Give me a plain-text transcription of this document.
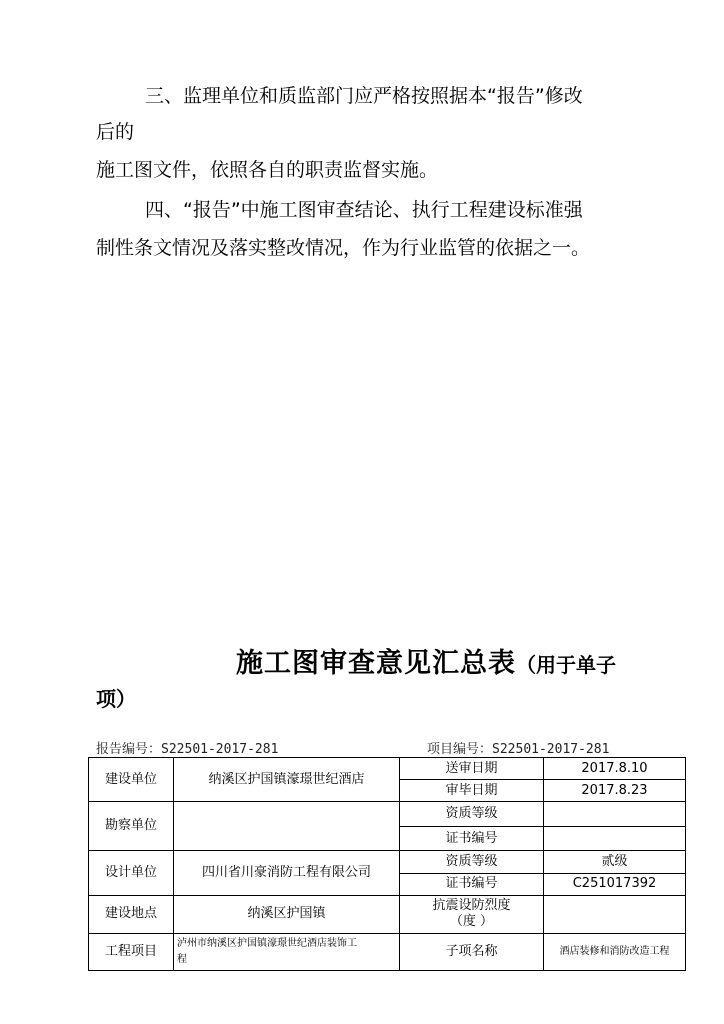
三、监理单位和质监部门应严格按照据本“报告”修改
后的
施工图文件，依照各自的职责监督实施。
四、“报告”中施工图审查结论、执行工程建设标准强
制性条文情况及落实整改情况，作为行业监管的依据之一。
施工图审查意见汇总表（用于单子
项）
报告编号：S22501-2017-281	项目编号：S22501-2017-281
建设单位	纳溪区护国镇濠璟世纪酒店	送审日期	2017.8.10
		审毕日期	2017.8.23
勘察单位		资质等级	
		证书编号	
设计单位	四川省川豪消防工程有限公司	资质等级	贰级
		证书编号	C251017392
建设地点	纳溪区护国镇	抗震设防烈度
（度 ）	

工程项目	泸州市纳溪区护国镇濠璟世纪酒店装饰工
程	子项名称	酒店装修和消防改造工程
